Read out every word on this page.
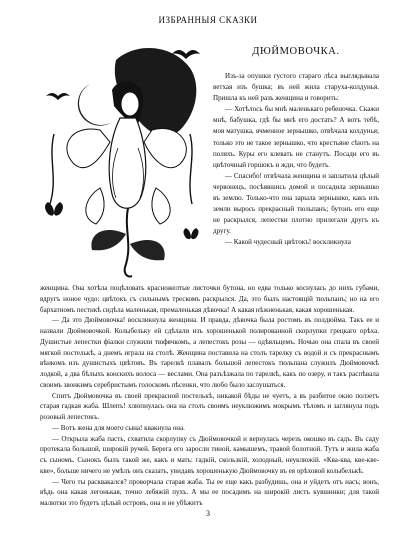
ИЗБРАННЫЯ СКАЗКИ
ДЮЙМОВОЧКА.

Изъ-за опушки густого стараго лѣса выглядывала ветхая изъ бушка; въ ней жила старуха-колдунья. Пришла къ ней разъ женщина и говорить:

— Хотѣлось бы мнѣ маленькаго ребеночка. Скажи мнѣ, бабушка, гдѣ бы мнѣ его достать? А вотъ тебѣ, моя матушка, ячменное зернышко, отвѣчала колдунья; только это не такое зернышко, что крестьяне сѣютъ на поляхъ. Куры его клевать не станутъ. Посади его въ цвѣточный горшокъ и жди, что будетъ.

— Спасибо! отвѣчала женщина и заплатила цѣлый червонецъ, посѣявшись домой и посадила зернышко въ землю. Только-что она зарыла зернышко, какъ изъ земли вырось прекрасный тюльпанъ; бутонъ его еще не раскрылся, лепестки плотно прилегали другъ къ другу.

— Какой чудесный цвѣтокъ! воскликнула

женщина. Она хотѣла поцѣловать красножелтые листочки бутона, но едва только коснулась до нихъ губами, вдругъ ноное чудо: цвѣтокъ съ сильнымъ трескомъ раскрылся. Да, это былъ настоящій тюльпанъ; но на его бархатномъ пестнкѣ сидѣла маленькая, премаленькая дѣвочка! А какая нѣжненькая, какая хорошенькая.

— Да это Дюймовочка! воскликнула женщина. И правда, дѣвочка была ростомъ въ полдюйма. Такъ ее и назвали Дюймовочкой. Колыбельку ей сдѣлали изъ хорошенькой полированной скорлупки грецкаго орѣха. Душистые лепестки фіалки служили тюфячкомъ, а лепестокъ розы — одѣяльцемъ. Ночью она спала въ своей мягкой постелькѣ, а днемъ играла на столѣ. Женщина поставила на столъ тарелку съ водой и съ прекраснымъ вѣнкомъ изъ душистыхъ цвѣтовъ. Въ тарелкѣ плавалъ большой лепестокъ тюльпана служилъ Дюймовочкѣ лодкой, а два бѣлыхъ конскихъ волоса — веслами. Она разъѣзжала по тарелкѣ, какъ по озеру, и такъ распѣвала своимъ звонкимъ серебристымъ голоскомъ пѣсенки, что любо было заслушаться.

Спитъ Дюймовочка въ своей прекрасной постелькѣ, никакой бѣды не чуетъ, а въ разбитое окно полэетъ старая гадкая жаба. Шлепъ! хлюпнулась она на столъ своимъ неуклюжимъ мокрымъ тѣломъ и заглянула подъ розовый лепестокъ.

— Вотъ жена для моего сына! квакнула она.

— Открыла жаба пасть, схватила скорлупку съ Дюймовочкой и вернулась черезъ окошко въ садъ. Въ саду протекала большой, широкій ручей. Берега его заросли тиной, камышемъ, травой болотной. Тутъ и жила жаба съ сыномъ. Сынокъ былъ такой же, какъ и мать: гадкій, скользкій, холодный, неуклюжій. «Ква-ква, кве-кве-кве», больше ничего не умѣлъ онъ сказать, увидавъ хорошенькую Дюймовочку въ ея орѣховой колыбелькѣ.

— Чего ты расквакался? проворчала старая жаба. Ты ее еще какъ разбудишь, она и уйдетъ отъ насъ; вонъ, вѣдь она какая легонькая, точно лебяжій пухъ. А мы ее посадимъ на широкій листъ кувшинки; для такой малютки это будетъ цѣлый островъ, она и не убѣжитъ

3
